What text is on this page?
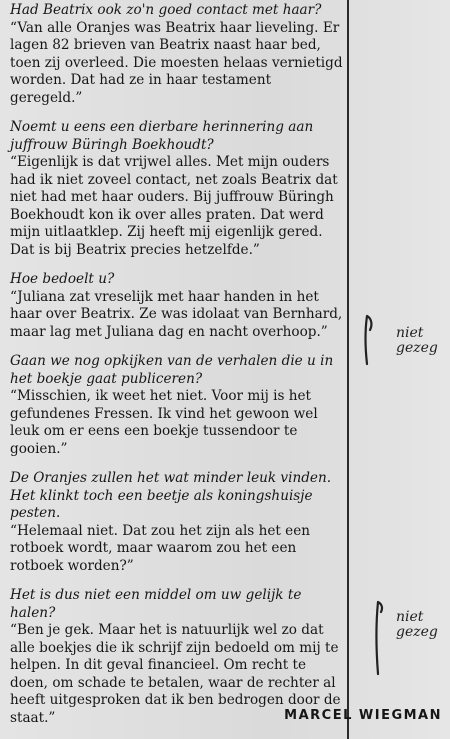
Had Beatrix ook zo'n goed contact met haar?
“Van alle Oranjes was Beatrix haar lieveling. Er lagen 82 brieven van Beatrix naast haar bed, toen zij overleed. Die moesten helaas vernietigd worden. Dat had ze in haar testament geregeld.”
Noemt u eens een dierbare herinnering aan juffrouw Büringh Boekhoudt?
“Eigenlijk is dat vrijwel alles. Met mijn ouders had ik niet zoveel contact, net zoals Beatrix dat niet had met haar ouders. Bij juffrouw Büringh Boekhoudt kon ik over alles praten. Dat werd mijn uitlaatklep. Zij heeft mij eigenlijk gered. Dat is bij Beatrix precies hetzelfde.”
Hoe bedoelt u?
“Juliana zat vreselijk met haar handen in het haar over Beatrix. Ze was idolaat van Bernhard, maar lag met Juliana dag en nacht overhoop.”
Gaan we nog opkijken van de verhalen die u in het boekje gaat publiceren?
“Misschien, ik weet het niet. Voor mij is het gefundenes Fressen. Ik vind het gewoon wel leuk om er eens een boekje tussendoor te gooien.”
De Oranjes zullen het wat minder leuk vinden. Het klinkt toch een beetje als koningshuisje pesten.
“Helemaal niet. Dat zou het zijn als het een rotboek wordt, maar waarom zou het een rotboek worden?”
Het is dus niet een middel om uw gelijk te halen?
“Ben je gek. Maar het is natuurlijk wel zo dat alle boekjes die ik schrijf zijn bedoeld om mij te helpen. In dit geval financieel. Om recht te doen, om schade te betalen, waar de rechter al heeft uitgesproken dat ik ben bedrogen door de staat.”	MARCEL WIEGMAN
niet
gezeg
niet
gezeg
